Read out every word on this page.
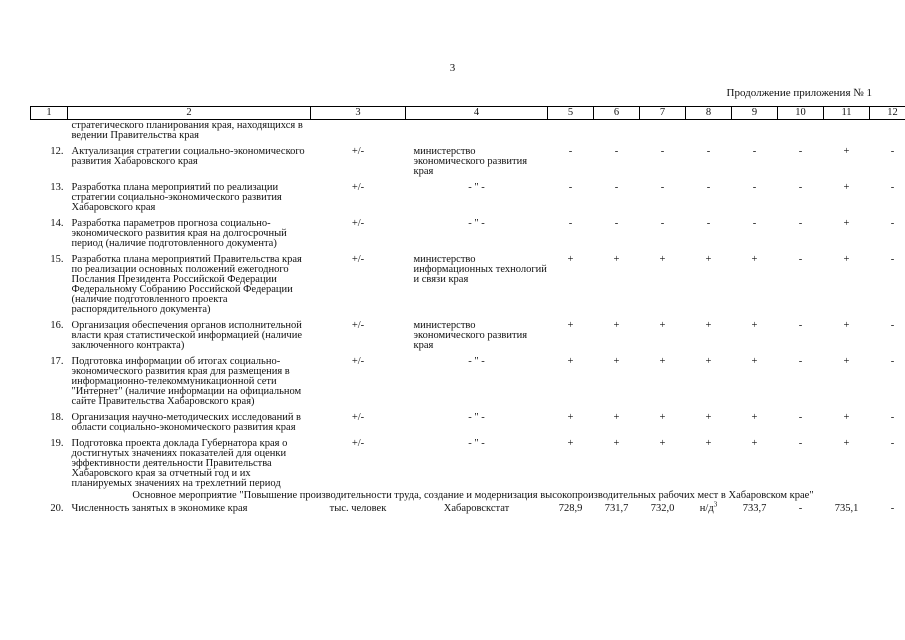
3
Продолжение приложения № 1
1	2	3	4	5	6	7	8	9	10	11	12
	стратегического планирования края, находящихся в ведении Правительства края										
12.	Актуализация стратегии социально-экономического развития Хабаровского края	+/-	министерство экономического развития края	-	-	-	-	-	-	+	-
13.	Разработка плана мероприятий по реализации стратегии социально-экономического развития Хабаровского края	+/-	- " -	-	-	-	-	-	-	+	-
14.	Разработка параметров прогноза социально-экономического развития края на долгосрочный период (наличие подготовленного документа)	+/-	- " -	-	-	-	-	-	-	+	-
15.	Разработка плана мероприятий Правительства края по реализации основных положений ежегодного Послания Президента Российской Федерации Федеральному Собранию Российской Федерации (наличие подготовленного проекта распорядительного документа)	+/-	министерство информационных технологий и связи края	+	+	+	+	+	-	+	-
16.	Организация обеспечения органов исполнительной власти края статистической информацией (наличие заключенного контракта)	+/-	министерство экономического развития края	+	+	+	+	+	-	+	-
17.	Подготовка информации об итогах социально-экономического развития края для размещения в информационно-телекоммуникационной сети "Интернет" (наличие информации на официальном сайте Правительства Хабаровского края)	+/-	- " -	+	+	+	+	+	-	+	-
18.	Организация научно-методических исследований в области социально-экономического развития края	+/-	- " -	+	+	+	+	+	-	+	-
19.	Подготовка проекта доклада Губернатора края о достигнутых значениях показателей для оценки эффективности деятельности Правительства Хабаровского края за отчетный год и их планируемых значениях на трехлетний период	+/-	- " -	+	+	+	+	+	-	+	-
Основное мероприятие "Повышение производительности труда, создание и модернизация высокопроизводительных рабочих мест в Хабаровском крае"											
20.	Численность занятых в экономике края	тыс. человек	Хабаровскстат	728,9	731,7	732,0	$н/д^3$	733,7	-	735,1	-
